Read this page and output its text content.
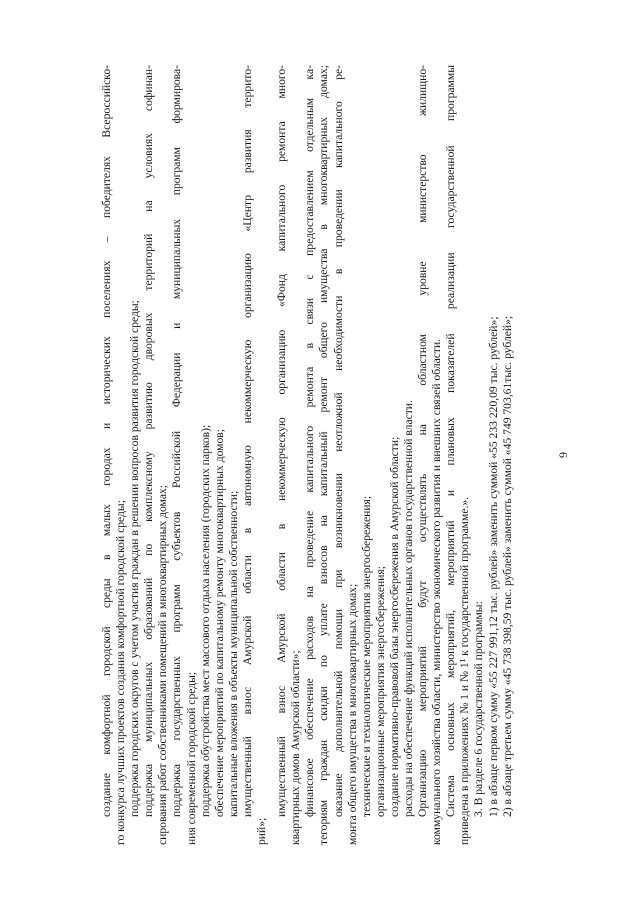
создание комфортной городской среды в малых городах и исторических поселениях – победителях Всероссийско- го конкурса лучших проектов создания комфортной городской среды; поддержка городских округов с учетом участия граждан в решении вопросов развития городской среды; поддержка муниципальных образований по комплексному развитию дворовых территорий на условиях софинан- сирования работ собственниками помещений в многоквартирных домах; поддержка государственных программ субъектов Российской Федерации и муниципальных программ формирова- ния современной городской среды; поддержка обустройства мест массового отдыха населения (городских парков); обеспечение мероприятий по капитальному ремонту многоквартирных домов; капитальные вложения в объекты муниципальной собственности; имущественный взнос Амурской области в автономную некоммерческую организацию «Центр развития террито-
рий»;
имущественный взнос Амурской области в некоммерческую организацию «Фонд капитального ремонта много- квартирных домов Амурской области»; финансовое обеспечение расходов на проведение капитального ремонта в связи с предоставлением отдельным ка- тегориям граждан скидки по уплате взносов на капитальный ремонт общего имущества в многоквартирных домах; оказание дополнительной помощи при возникновении неотложной необходимости в проведении капитального ре- монта общего имущества в многоквартирных домах; технические и технологические мероприятия энергосбережения; организационные мероприятия энергосбережения; создание нормативно-правовой базы энергосбережения в Амурской области; расходы на обеспечение функций исполнительных органов государственной власти. Организацию мероприятий будут осуществлять на областном уровне министерство жилищно- коммунального хозяйства области, министерство экономического развития и внешних связей области. Система основных мероприятий, мероприятий и плановых показателей реализации государственной программы приведена в приложениях № 1 и № 1¹ к государственной программе.». 3. В разделе 6 государственной программы: 1) в абзаце первом сумму «55 227 991,12 тыс. рублей» заменить суммой «55 233 220,09 тыс. рублей»; 2) в абзаце третьем сумму «45 738 398,59 тыс. рублей» заменить суммой «45 749 703,61тыс. рублей»;	9
